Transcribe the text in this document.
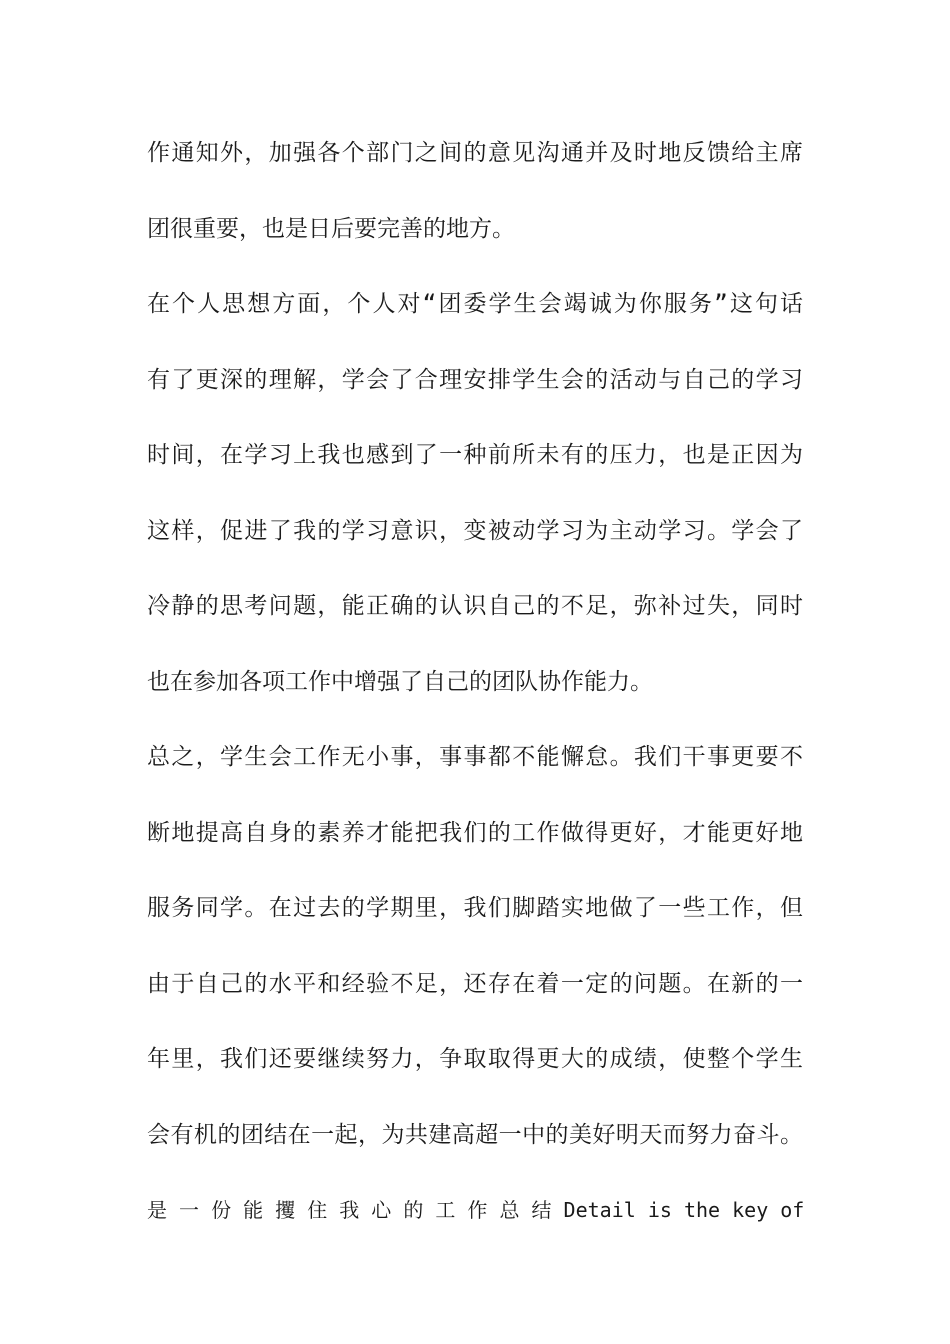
作通知外，加强各个部门之间的意见沟通并及时地反馈给主席
团很重要，也是日后要完善的地方。
在个人思想方面，个人对“团委学生会竭诚为你服务”这句话
有了更深的理解，学会了合理安排学生会的活动与自己的学习
时间，在学习上我也感到了一种前所未有的压力，也是正因为
这样，促进了我的学习意识，变被动学习为主动学习。学会了
冷静的思考问题，能正确的认识自己的不足，弥补过失，同时
也在参加各项工作中增强了自己的团队协作能力。
总之，学生会工作无小事，事事都不能懈怠。我们干事更要不
断地提高自身的素养才能把我们的工作做得更好，才能更好地
服务同学。在过去的学期里，我们脚踏实地做了一些工作，但
由于自己的水平和经验不足，还存在着一定的问题。在新的一
年里，我们还要继续努力，争取取得更大的成绩，使整个学生
会有机的团结在一起，为共建高超一中的美好明天而努力奋斗。
是 一 份 能 攫 住 我 心 的 工 作 总 结 Detail is the key of
